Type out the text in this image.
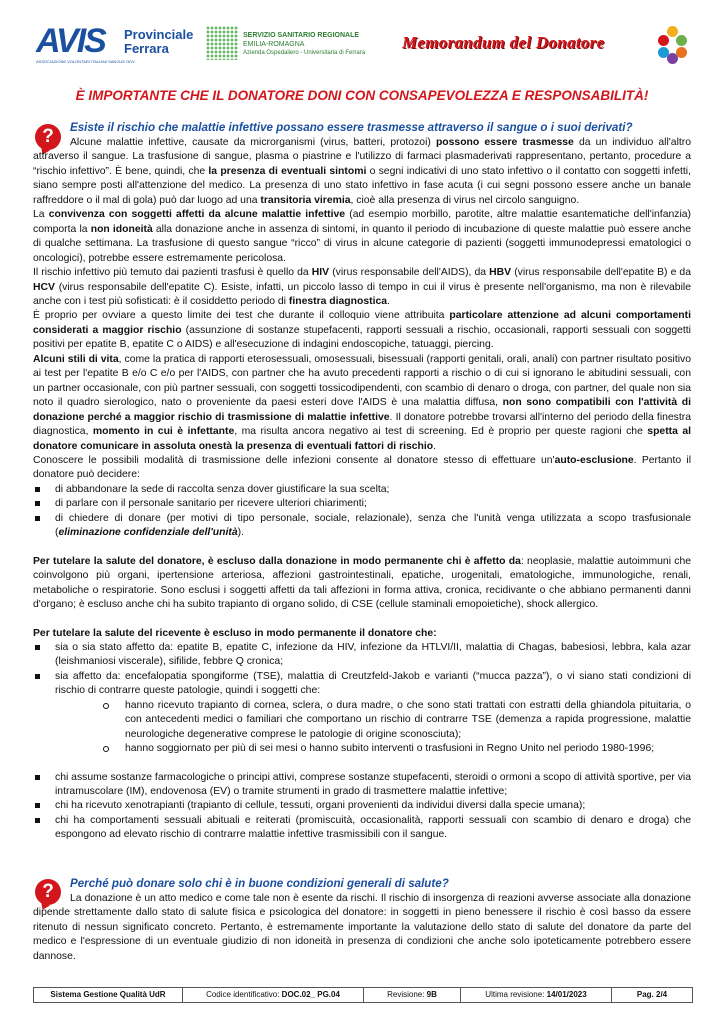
AVIS
ASSOCIAZIONE VOLONTARI ITALIANI SANGUE ODV
Provinciale
Ferrara
SERVIZIO SANITARIO REGIONALE
EMILIA-ROMAGNA
Azienda Ospedaliero - Universitaria di Ferrara
Memorandum del Donatore
È IMPORTANTE CHE IL DONATORE DONI CON CONSAPEVOLEZZA E RESPONSABILITÀ!
?	Esiste il rischio che malattie infettive possano essere trasmesse attraverso il sangue o i suoi derivati?

Alcune malattie infettive, causate da microrganismi (virus, batteri, protozoi) possono essere trasmesse da un individuo all'altro attraverso il sangue. La trasfusione di sangue, plasma o piastrine e l'utilizzo di farmaci plasmaderivati rappresentano, pertanto, procedure a “rischio infettivo”. È bene, quindi, che la presenza di eventuali sintomi o segni indicativi di uno stato infettivo o il contatto con soggetti infetti, siano sempre posti all'attenzione del medico. La presenza di uno stato infettivo in fase acuta (i cui segni possono essere anche un banale raffreddore o il mal di gola) può dar luogo ad una transitoria viremia, cioè alla presenza di virus nel circolo sanguigno.

La convivenza con soggetti affetti da alcune malattie infettive (ad esempio morbillo, parotite, altre malattie esantematiche dell'infanzia) comporta la non idoneità alla donazione anche in assenza di sintomi, in quanto il periodo di incubazione di queste malattie può essere anche di qualche settimana. La trasfusione di questo sangue “ricco” di virus in alcune categorie di pazienti (soggetti immunodepressi ematologici o oncologici), potrebbe essere estremamente pericolosa.

Il rischio infettivo più temuto dai pazienti trasfusi è quello da HIV (virus responsabile dell'AIDS), da HBV (virus responsabile dell'epatite B) e da HCV (virus responsabile dell'epatite C). Esiste, infatti, un piccolo lasso di tempo in cui il virus è presente nell'organismo, ma non è rilevabile anche con i test più sofisticati: è il cosiddetto periodo di finestra diagnostica.

È proprio per ovviare a questo limite dei test che durante il colloquio viene attribuita particolare attenzione ad alcuni comportamenti considerati a maggior rischio (assunzione di sostanze stupefacenti, rapporti sessuali a rischio, occasionali, rapporti sessuali con soggetti positivi per epatite B, epatite C o AIDS) e all'esecuzione di indagini endoscopiche, tatuaggi, piercing.

Alcuni stili di vita, come la pratica di rapporti eterosessuali, omosessuali, bisessuali (rapporti genitali, orali, anali) con partner risultato positivo ai test per l'epatite B e/o C e/o per l'AIDS, con partner che ha avuto precedenti rapporti a rischio o di cui si ignorano le abitudini sessuali, con un partner occasionale, con più partner sessuali, con soggetti tossicodipendenti, con scambio di denaro o droga, con partner, del quale non sia noto il quadro sierologico, nato o proveniente da paesi esteri dove l'AIDS è una malattia diffusa, non sono compatibili con l'attività di donazione perché a maggior rischio di trasmissione di malattie infettive. Il donatore potrebbe trovarsi all'interno del periodo della finestra diagnostica, momento in cui è infettante, ma risulta ancora negativo ai test di screening. Ed è proprio per queste ragioni che spetta al donatore comunicare in assoluta onestà la presenza di eventuali fattori di rischio.

Conoscere le possibili modalità di trasmissione delle infezioni consente al donatore stesso di effettuare un'auto-esclusione. Pertanto il donatore può decidere:

di abbandonare la sede di raccolta senza dover giustificare la sua scelta;
di parlare con il personale sanitario per ricevere ulteriori chiarimenti;
di chiedere di donare (per motivi di tipo personale, sociale, relazionale), senza che l'unità venga utilizzata a scopo trasfusionale (eliminazione confidenziale dell'unità).

Per tutelare la salute del donatore, è escluso dalla donazione in modo permanente chi è affetto da: neoplasie, malattie autoimmuni che coinvolgono più organi, ipertensione arteriosa, affezioni gastrointestinali, epatiche, urogenitali, ematologiche, immunologiche, renali, metaboliche o respiratorie. Sono esclusi i soggetti affetti da tali affezioni in forma attiva, cronica, recidivante o che abbiano permanenti danni d'organo; è escluso anche chi ha subito trapianto di organo solido, di CSE (cellule staminali emopoietiche), shock allergico.

Per tutelare la salute del ricevente è escluso in modo permanente il donatore che:

sia o sia stato affetto da: epatite B, epatite C, infezione da HIV, infezione da HTLVI/II, malattia di Chagas, babesiosi, lebbra, kala azar (leishmaniosi viscerale), sifilide, febbre Q cronica;
sia affetto da: encefalopatia spongiforme (TSE), malattia di Creutzfeld-Jakob e varianti (“mucca pazza”), o vi siano stati condizioni di rischio di contrarre queste patologie, quindi i soggetti che:
hanno ricevuto trapianto di cornea, sclera, o dura madre, o che sono stati trattati con estratti della ghiandola pituitaria, o con antecedenti medici o familiari che comportano un rischio di contrarre TSE (demenza a rapida progressione, malattie neurologiche degenerative comprese le patologie di origine sconosciuta);
hanno soggiornato per più di sei mesi o hanno subito interventi o trasfusioni in Regno Unito nel periodo 1980-1996;
chi assume sostanze farmacologiche o principi attivi, comprese sostanze stupefacenti, steroidi o ormoni a scopo di attività sportive, per via intramuscolare (IM), endovenosa (EV) o tramite strumenti in grado di trasmettere malattie infettive;
chi ha ricevuto xenotrapianti (trapianto di cellule, tessuti, organi provenienti da individui diversi dalla specie umana);
chi ha comportamenti sessuali abituali e reiterati (promiscuità, occasionalità, rapporti sessuali con scambio di denaro e droga) che espongono ad elevato rischio di contrarre malattie infettive trasmissibili con il sangue.
?	Perché può donare solo chi è in buone condizioni generali di salute?

La donazione è un atto medico e come tale non è esente da rischi. Il rischio di insorgenza di reazioni avverse associate alla donazione dipende strettamente dallo stato di salute fisica e psicologica del donatore: in soggetti in pieno benessere il rischio è così basso da essere ritenuto di nessun significato concreto. Pertanto, è estremamente importante la valutazione dello stato di salute del donatore da parte del medico e l'espressione di un eventuale giudizio di non idoneità in presenza di condizioni che anche solo ipoteticamente potrebbero essere dannose.

Sistema Gestione Qualità UdR	Codice identificativo: DOC.02_ PG.04	Revisione: 9B	Ultima revisione: 14/01/2023	Pag. 2/4
